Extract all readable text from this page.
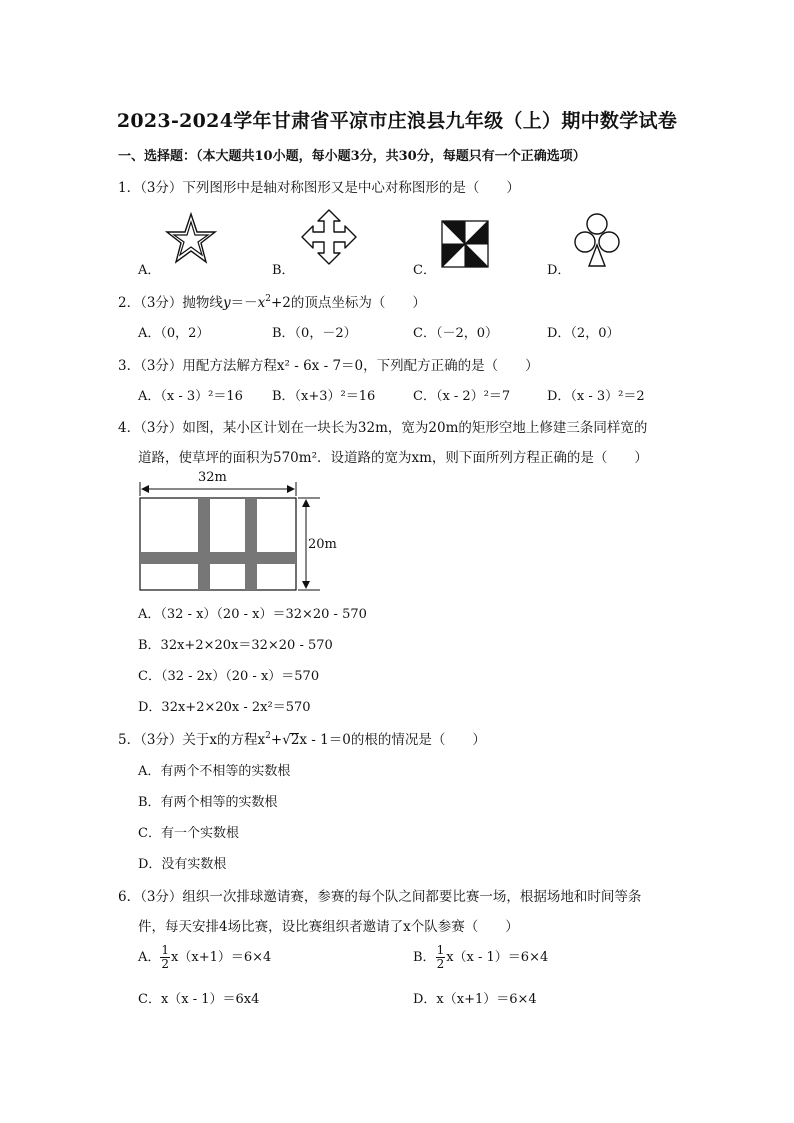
2023-2024学年甘肃省平凉市庄浪县九年级（上）期中数学试卷
一、选择题：（本大题共10小题，每小题3分，共30分，每题只有一个正确选项）
1．（3分）下列图形中是轴对称图形又是中心对称图形的是（　　）
A．	B．	C．	D．
2．（3分）抛物线$y=-x^2+2$的顶点坐标为（　　）
A．（0，2）	B．（0，－2）	C．（－2，0）	D．（2，0）
3．（3分）用配方法解方程x² - 6x - 7＝0，下列配方正确的是（　　）
A．（x - 3）²＝16 B．（x+3）²＝16	C．（x - 2）²＝7	D．（x - 3）²＝2
4．（3分）如图，某小区计划在一块长为32m，宽为20m的矩形空地上修建三条同样宽的
道路，使草坪的面积为570m²．设道路的宽为xm，则下面所列方程正确的是（　　）
32m
20m
A．（32 - x）（20 - x）＝32×20 - 570
B．32x+2×20x＝32×20 - 570
C．（32 - 2x）（20 - x）＝570
D．32x+2×20x - 2x²＝570
5．（3分）关于x的方程$x^2+√2x - 1=0$的根的情况是（　　）
A．有两个不相等的实数根
B．有两个相等的实数根
C．有一个实数根
D．没有实数根
6．（3分）组织一次排球邀请赛，参赛的每个队之间都要比赛一场，根据场地和时间等条
件，每天安排4场比赛，设比赛组织者邀请了x个队参赛（　　）
A． $\frac{1}{2} x(x+1)=6\times 4$	B． $\frac{1}{2} x(x - 1)=6\times 4$
C．x（x - 1）＝6x4	D．x（x+1）＝6×4
